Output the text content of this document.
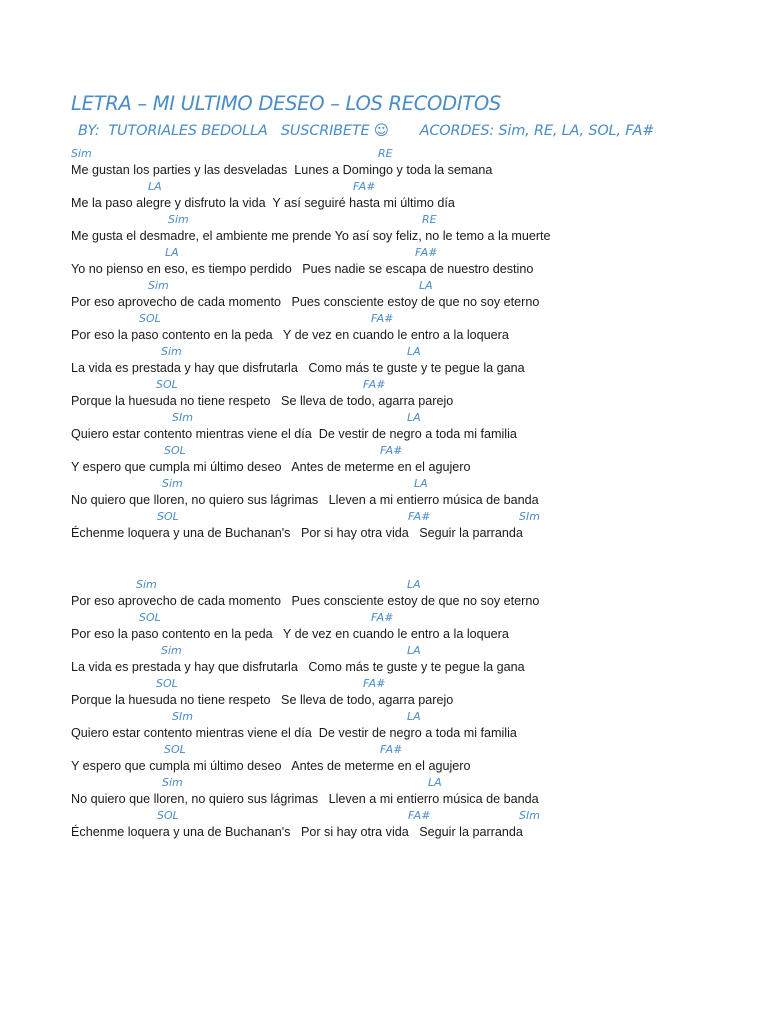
LETRA – MI ULTIMO DESEO – LOS RECODITOS
BY:  TUTORIALES BEDOLLA   SUSCRIBETE ☺       ACORDES: Sim, RE, LA, SOL, FA#
Sim	RE
Me gustan los parties y las desveladas  Lunes a Domingo y toda la semana
LA	FA#
Me la paso alegre y disfruto la vida  Y así seguiré hasta mi último día
Sim	RE
Me gusta el desmadre, el ambiente me prende Yo así soy feliz, no le temo a la muerte
LA	FA#
Yo no pienso en eso, es tiempo perdido   Pues nadie se escapa de nuestro destino
Sim	LA
Por eso aprovecho de cada momento   Pues consciente estoy de que no soy eterno
SOL	FA#
Por eso la paso contento en la peda   Y de vez en cuando le entro a la loquera
Sim	LA
La vida es prestada y hay que disfrutarla   Como más te guste y te pegue la gana
SOL	FA#
Porque la huesuda no tiene respeto   Se lleva de todo, agarra parejo
SIm	LA
Quiero estar contento mientras viene el día  De vestir de negro a toda mi familia
SOL	FA#
Y espero que cumpla mi último deseo   Antes de meterme en el agujero
Sim	LA
No quiero que lloren, no quiero sus lágrimas   Lleven a mi entierro música de banda
SOL	FA#	SIm
Échenme loquera y una de Buchanan's   Por si hay otra vida   Seguir la parranda
Sim	LA
Por eso aprovecho de cada momento   Pues consciente estoy de que no soy eterno
SOL	FA#
Por eso la paso contento en la peda   Y de vez en cuando le entro a la loquera
Sim	LA
La vida es prestada y hay que disfrutarla   Como más te guste y te pegue la gana
SOL	FA#
Porque la huesuda no tiene respeto   Se lleva de todo, agarra parejo
SIm	LA
Quiero estar contento mientras viene el día  De vestir de negro a toda mi familia
SOL	FA#
Y espero que cumpla mi último deseo   Antes de meterme en el agujero
Sim	LA
No quiero que lloren, no quiero sus lágrimas   Lleven a mi entierro música de banda
SOL	FA#	SIm
Échenme loquera y una de Buchanan's   Por si hay otra vida   Seguir la parranda
